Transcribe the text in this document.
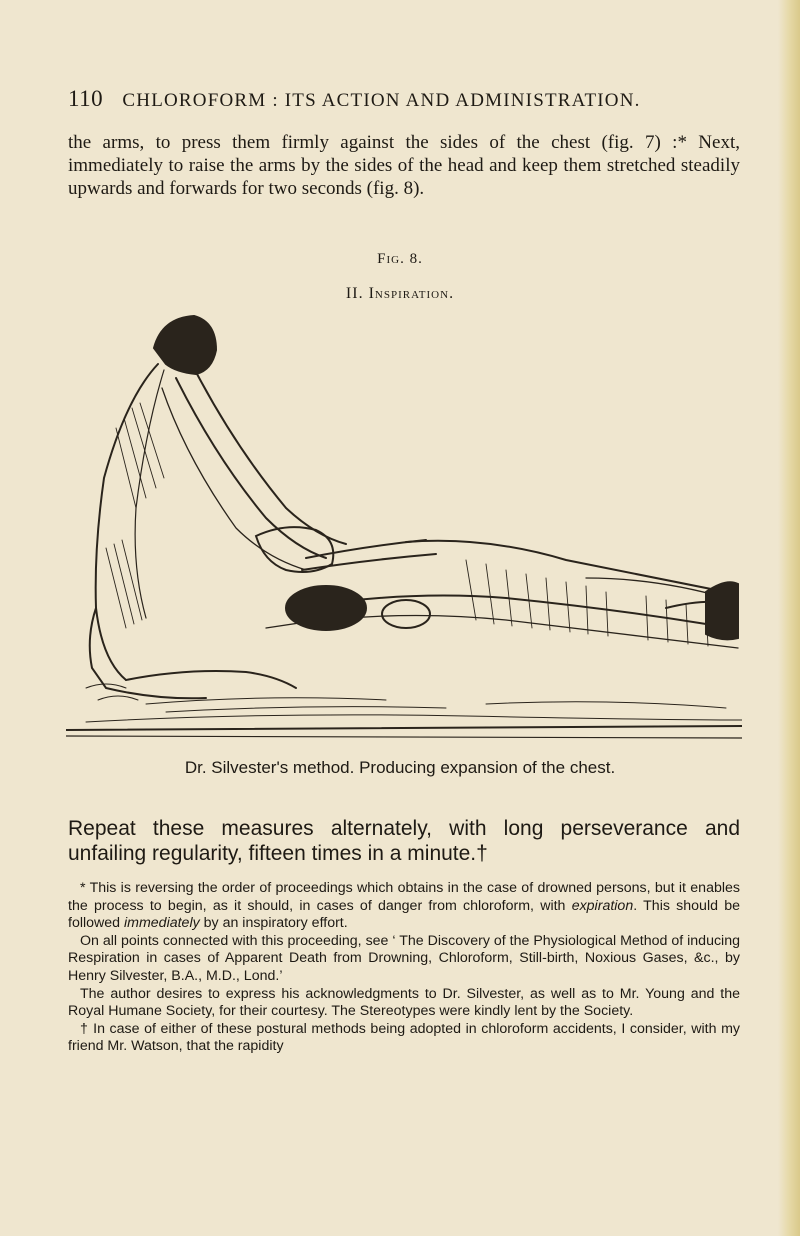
110 CHLOROFORM : ITS ACTION AND ADMINISTRATION.

the arms, to press them firmly against the sides of the chest (fig. 7) :* Next, immediately to raise the arms by the sides of the head and keep them stretched steadily upwards and forwards for two seconds (fig. 8).

Fig. 8.
II. Inspiration.
Dr. Silvester's method. Producing expansion of the chest.

Repeat these measures alternately, with long perseverance and unfailing regularity, fifteen times in a minute.†

* This is reversing the order of proceedings which obtains in the case of drowned persons, but it enables the process to begin, as it should, in cases of danger from chloroform, with expiration. This should be followed immediately by an inspiratory effort.

On all points connected with this proceeding, see ‘ The Discovery of the Physiological Method of inducing Respiration in cases of Apparent Death from Drowning, Chloroform, Still-birth, Noxious Gases, &c., by Henry Silvester, B.A., M.D., Lond.’

The author desires to express his acknowledgments to Dr. Silvester, as well as to Mr. Young and the Royal Humane Society, for their courtesy. The Stereotypes were kindly lent by the Society.

† In case of either of these postural methods being adopted in chloroform accidents, I consider, with my friend Mr. Watson, that the rapidity
